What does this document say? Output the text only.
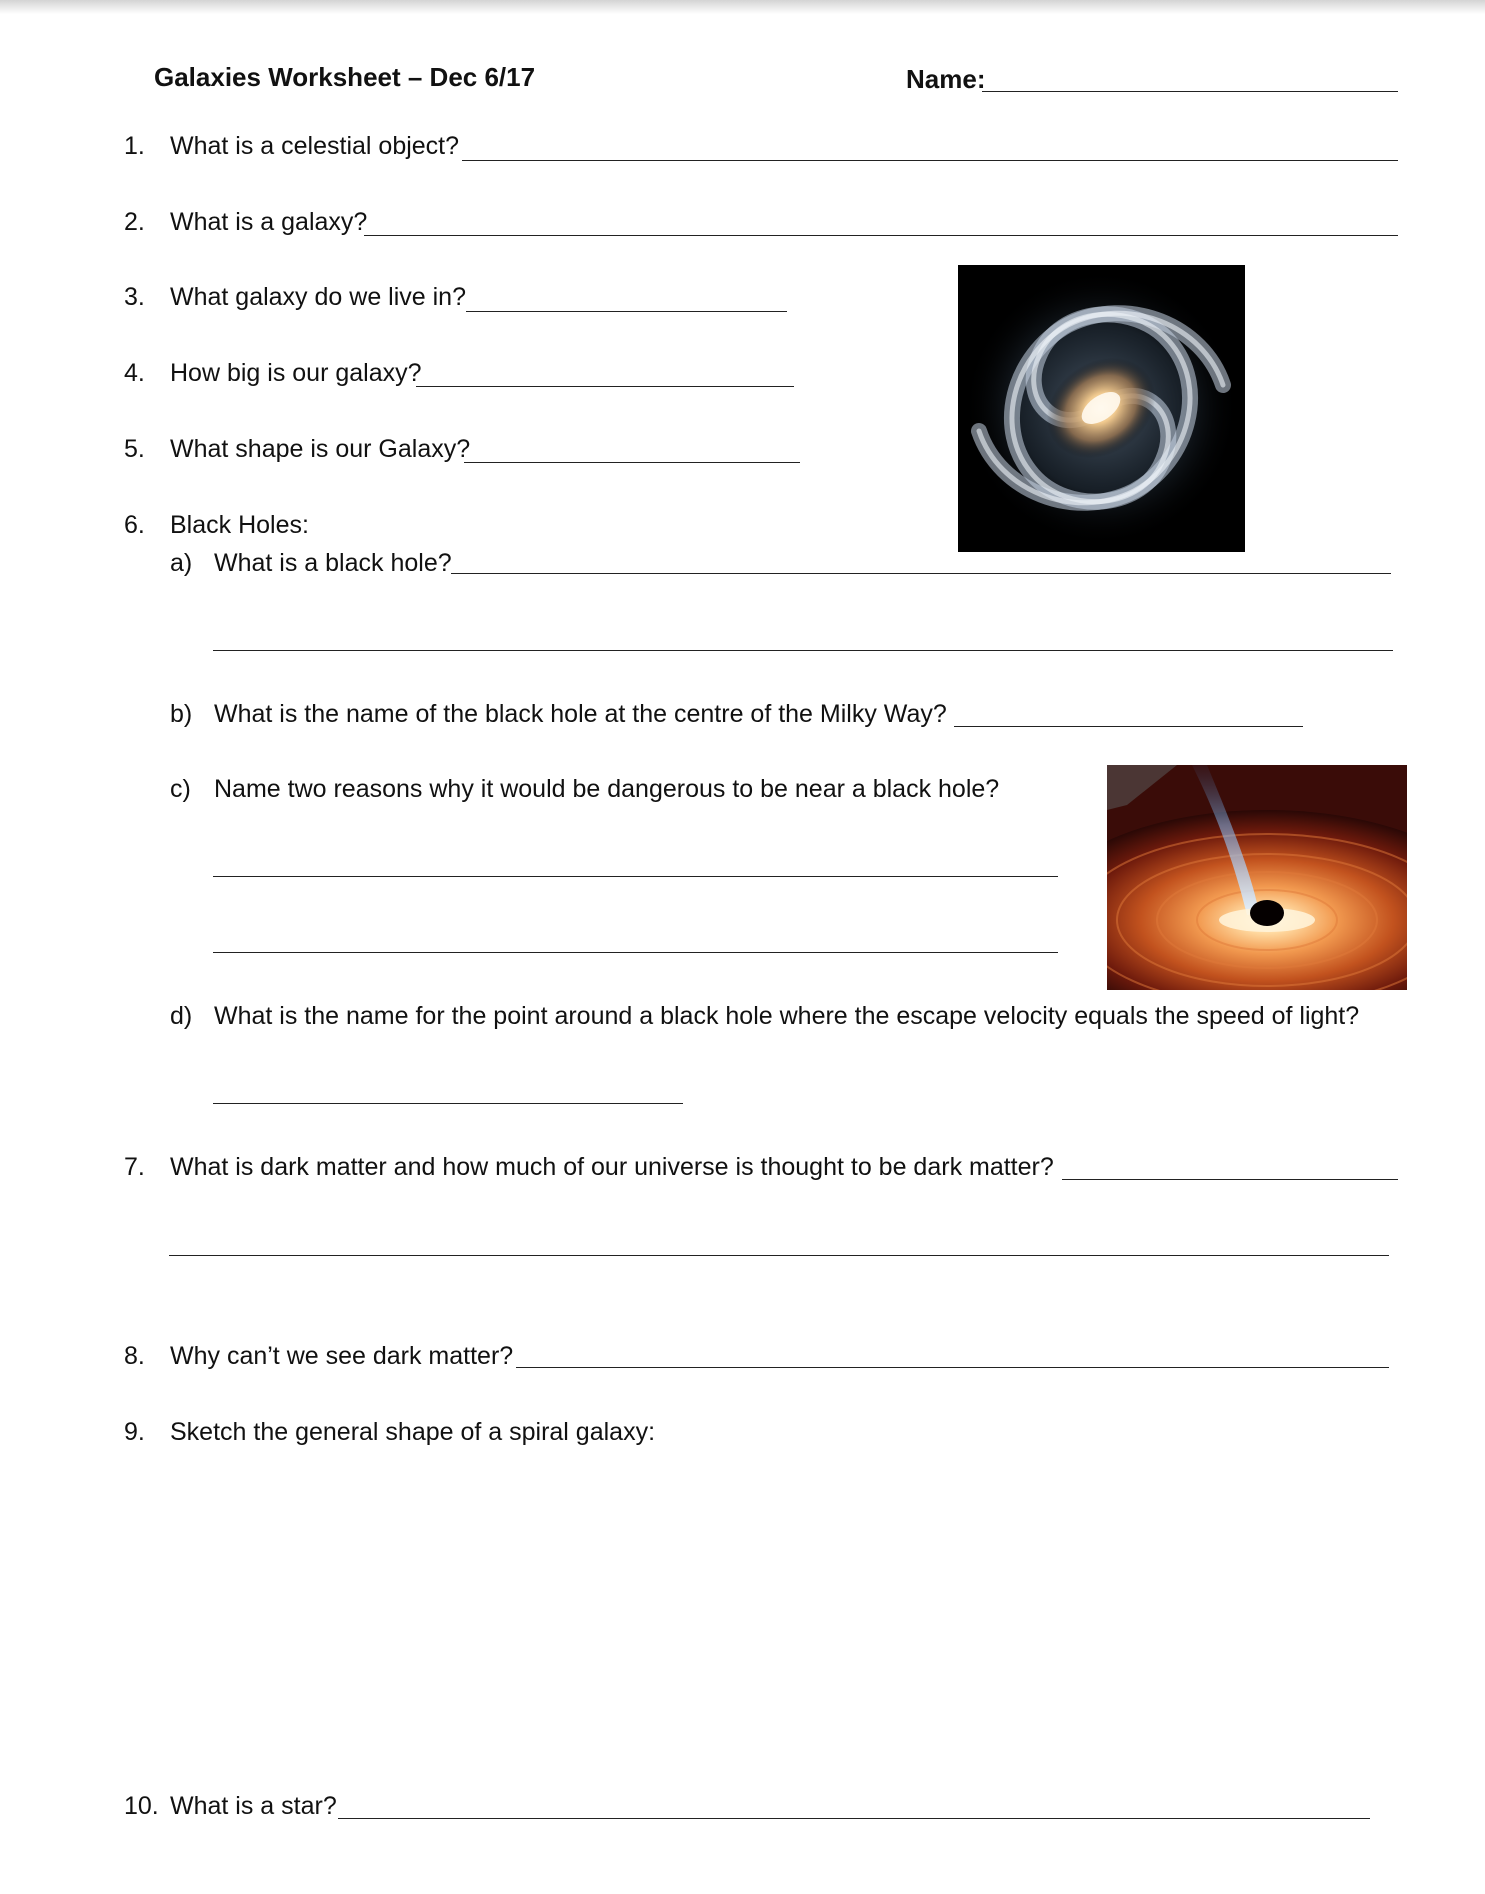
Galaxies Worksheet – Dec 6/17	Name:
1. What is a celestial object?
2. What is a galaxy?
3. What galaxy do we live in?
4. How big is our galaxy?
5. What shape is our Galaxy?
6. Black Holes:
a) What is a black hole?
b) What is the name of the black hole at the centre of the Milky Way?
c) Name two reasons why it would be dangerous to be near a black hole?
d) What is the name for the point around a black hole where the escape velocity equals the speed of light?
7. What is dark matter and how much of our universe is thought to be dark matter?
8. Why can’t we see dark matter?
9. Sketch the general shape of a spiral galaxy:
10. What is a star?
